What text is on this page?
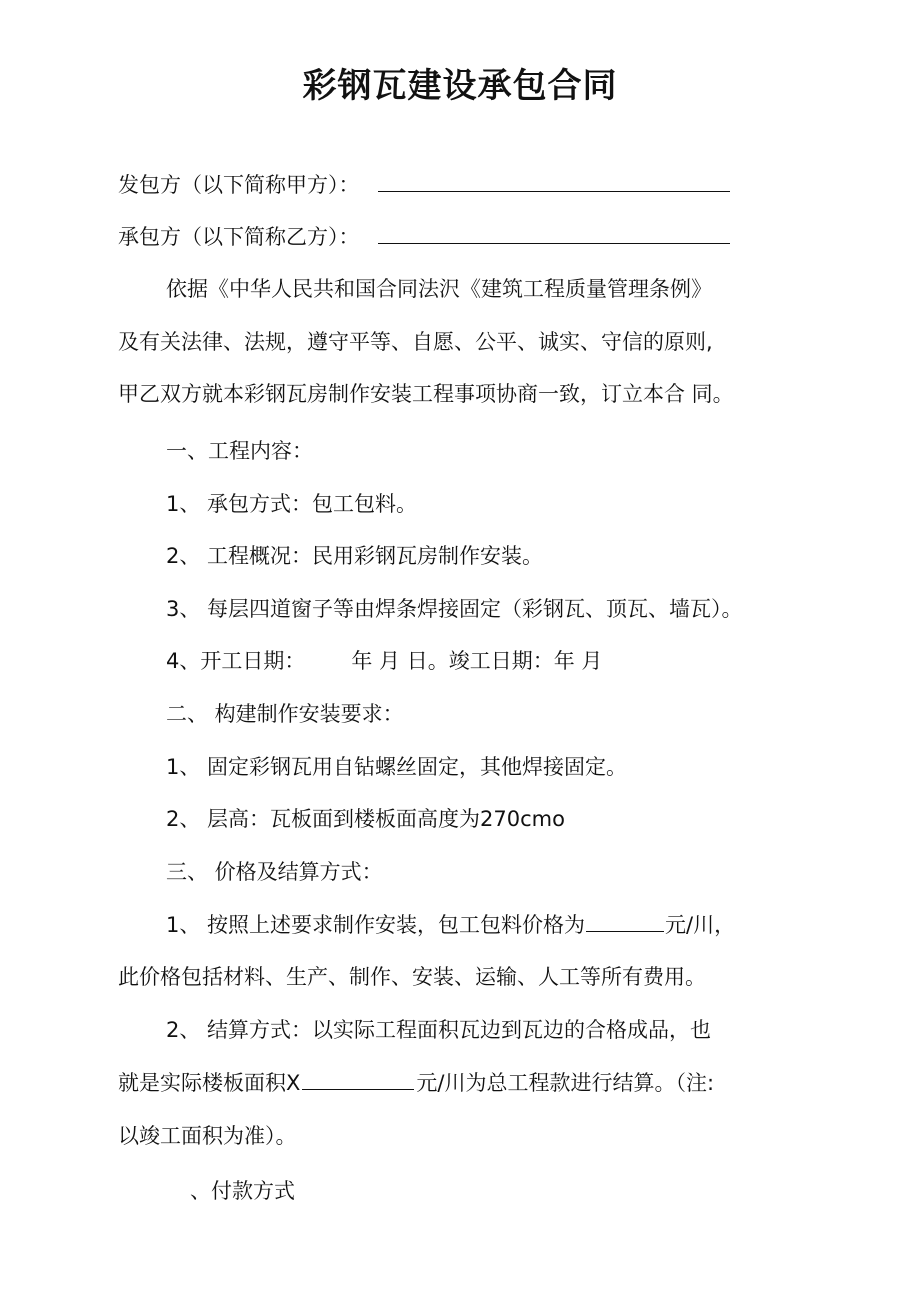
彩钢瓦建设承包合同

发包方（以下简称甲方）：

承包方（以下简称乙方）：

依据《中华人民共和国合同法沢《建筑工程质量管理条例》

及有关法律、法规，遵守平等、自愿、公平、诚实、守信的原则,

甲乙双方就本彩钢瓦房制作安装工程事项协商一致，订立本合 同。

一、工程内容：

1、 承包方式：包工包料。

2、 工程概况：民用彩钢瓦房制作安装。

3、 每层四道窗子等由焊条焊接固定（彩钢瓦、顶瓦、墙瓦）。

4、开工日期： 年 月 日。竣工日期：年 月

二、 构建制作安装要求：

1、 固定彩钢瓦用自钻螺丝固定，其他焊接固定。

2、 层高：瓦板面到楼板面高度为270cmo

三、 价格及结算方式：

1、 按照上述要求制作安装，包工包料价格为	元/川，

此价格包括材料、生产、制作、安装、运输、人工等所有费用。

2、 结算方式：以实际工程面积瓦边到瓦边的合格成品，也

就是实际楼板面积X	元/川为总工程款进行结算。（注:

以竣工面积为准）。

、付款方式
